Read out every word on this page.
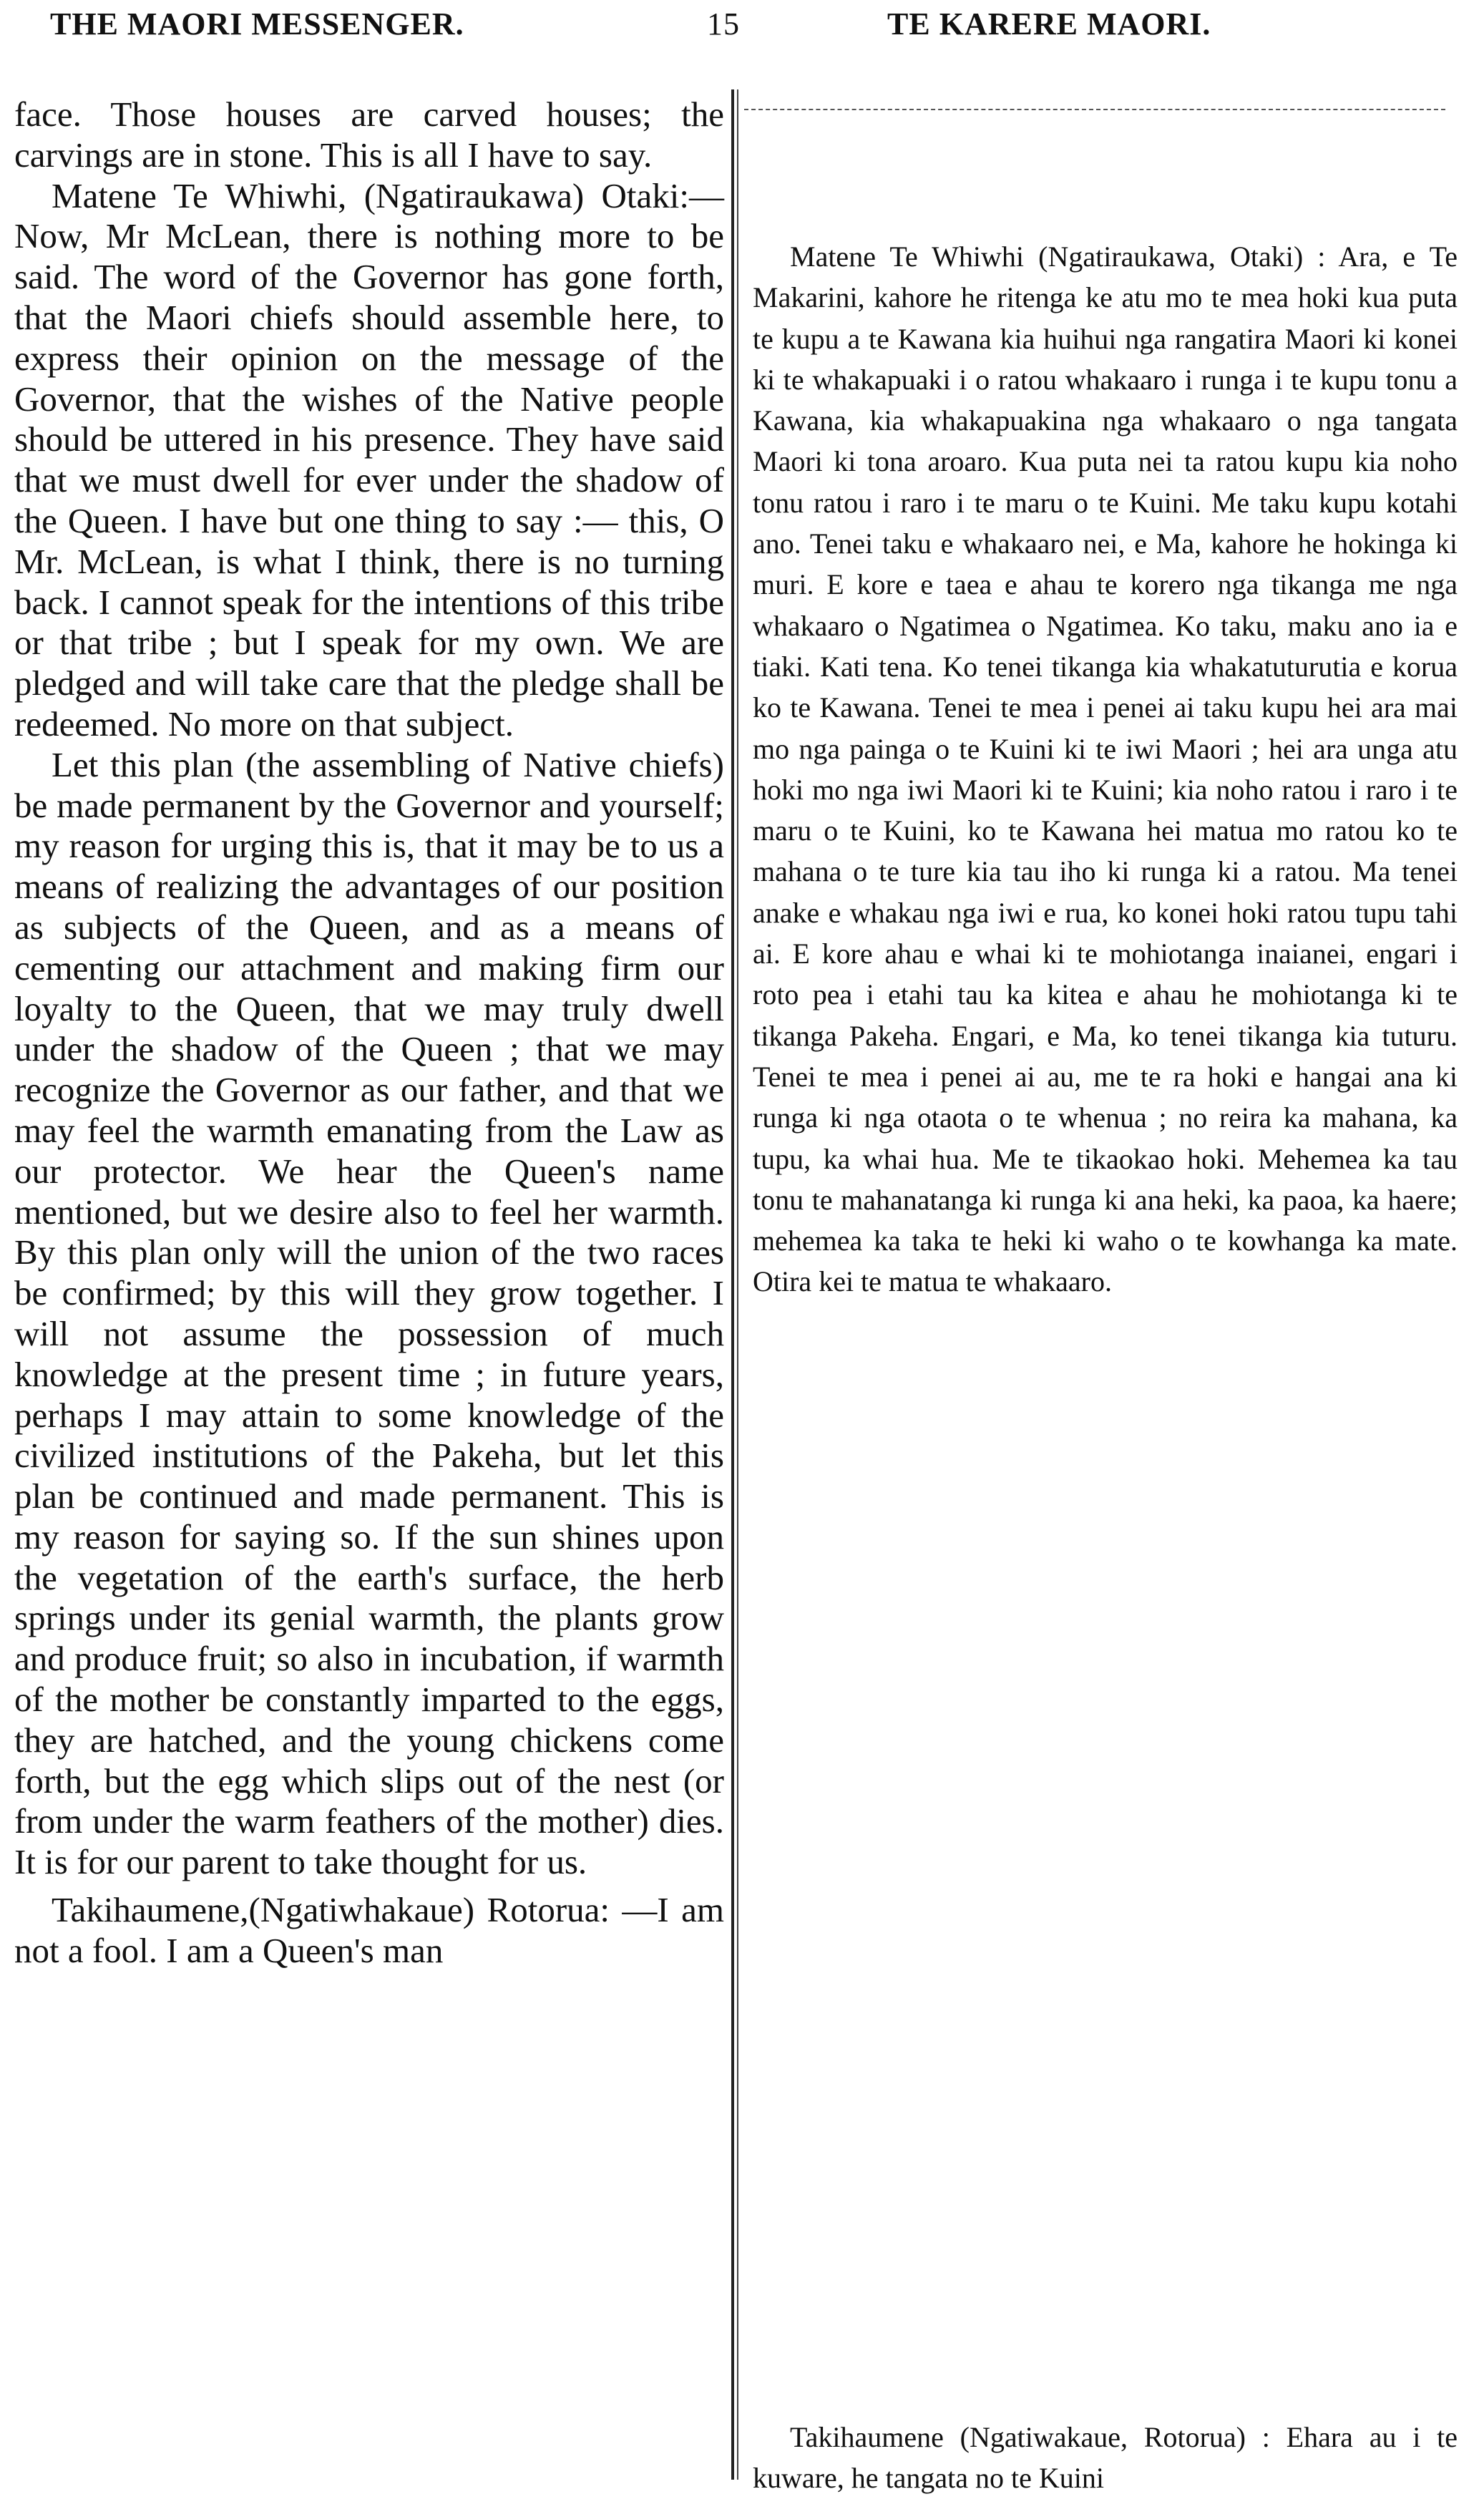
THE MAORI MESSENGER.	15	TE KARERE MAORI.

face. Those houses are carved houses; the carvings are in stone. This is all I have to say.

Matene Te Whiwhi, (Ngatiraukawa) Otaki:—Now, Mr McLean, there is nothing more to be said. The word of the Governor has gone forth, that the Maori chiefs should assemble here, to express their opinion on the message of the Governor, that the wishes of the Native people should be uttered in his presence. They have said that we must dwell for ever under the shadow of the Queen. I have but one thing to say :— this, O Mr. McLean, is what I think, there is no turning back. I cannot speak for the intentions of this tribe or that tribe ; but I speak for my own. We are pledged and will take care that the pledge shall be redeemed. No more on that subject.

Let this plan (the assembling of Native chiefs) be made permanent by the Governor and yourself; my reason for urging this is, that it may be to us a means of realizing the advantages of our position as subjects of the Queen, and as a means of cementing our attachment and making firm our loyalty to the Queen, that we may truly dwell under the shadow of the Queen ; that we may recognize the Governor as our father, and that we may feel the warmth emanating from the Law as our protector. We hear the Queen's name mentioned, but we desire also to feel her warmth. By this plan only will the union of the two races be confirmed; by this will they grow together. I will not assume the possession of much knowledge at the present time ; in future years, perhaps I may attain to some knowledge of the civilized institutions of the Pakeha, but let this plan be continued and made permanent. This is my reason for saying so. If the sun shines upon the vegetation of the earth's surface, the herb springs under its genial warmth, the plants grow and produce fruit; so also in incubation, if warmth of the mother be constantly imparted to the eggs, they are hatched, and the young chickens come forth, but the egg which slips out of the nest (or from under the warm feathers of the mother) dies. It is for our parent to take thought for us.

Takihaumene,(Ngatiwhakaue) Rotorua: —I am not a fool. I am a Queen's man

Matene Te Whiwhi (Ngatiraukawa, Otaki) : Ara, e Te Makarini, kahore he ritenga ke atu mo te mea hoki kua puta te kupu a te Kawana kia huihui nga rangatira Maori ki konei ki te whakapuaki i o ratou whakaaro i runga i te kupu tonu a Kawana, kia whakapuakina nga whakaaro o nga tangata Maori ki tona aroaro. Kua puta nei ta ratou kupu kia noho tonu ratou i raro i te maru o te Kuini. Me taku kupu kotahi ano. Tenei taku e whakaaro nei, e Ma, kahore he hokinga ki muri. E kore e taea e ahau te korero nga tikanga me nga whakaaro o Ngatimea o Ngatimea. Ko taku, maku ano ia e tiaki. Kati tena. Ko tenei tikanga kia whakatuturutia e korua ko te Kawana. Tenei te mea i penei ai taku kupu hei ara mai mo nga painga o te Kuini ki te iwi Maori ; hei ara unga atu hoki mo nga iwi Maori ki te Kuini; kia noho ratou i raro i te maru o te Kuini, ko te Kawana hei matua mo ratou ko te mahana o te ture kia tau iho ki runga ki a ratou. Ma tenei anake e whakau nga iwi e rua, ko konei hoki ratou tupu tahi ai. E kore ahau e whai ki te mohiotanga inaianei, engari i roto pea i etahi tau ka kitea e ahau he mohiotanga ki te tikanga Pakeha. Engari, e Ma, ko tenei tikanga kia tuturu. Tenei te mea i penei ai au, me te ra hoki e hangai ana ki runga ki nga otaota o te whenua ; no reira ka mahana, ka tupu, ka whai hua. Me te tikaokao hoki. Mehemea ka tau tonu te mahanatanga ki runga ki ana heki, ka paoa, ka haere; mehemea ka taka te heki ki waho o te kowhanga ka mate. Otira kei te matua te whakaaro.

Takihaumene (Ngatiwakaue, Rotorua) : Ehara au i te kuware, he tangata no te Kuini
